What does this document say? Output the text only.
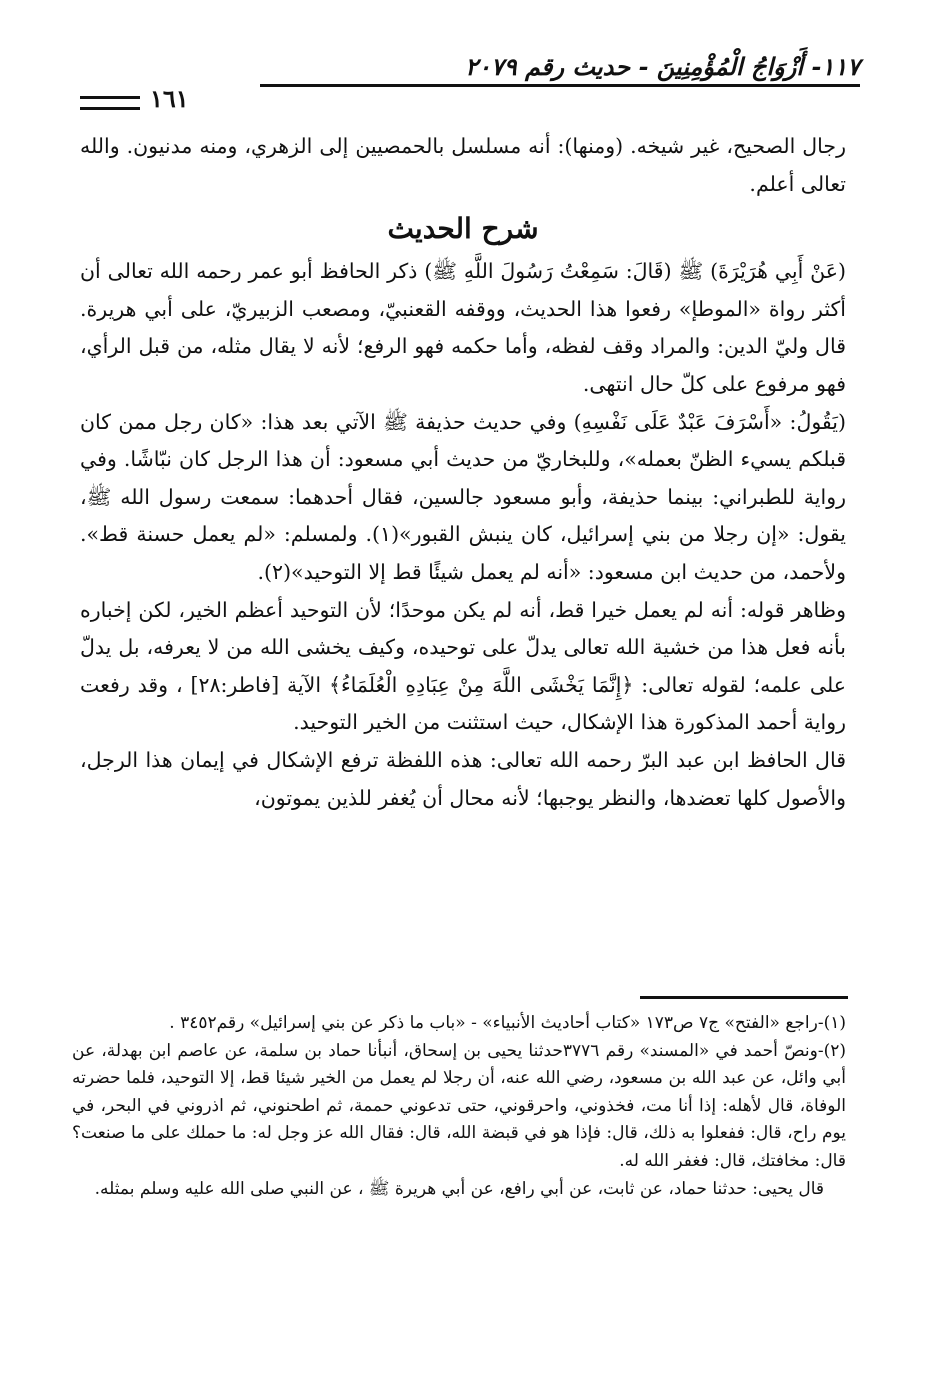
١١٧- أَزْوَاجُ الْمُؤْمِنِينَ - حديث رقم ٢٠٧٩
١٦١

رجال الصحيح، غير شيخه. (ومنها): أنه مسلسل بالحمصيين إلى الزهري، ومنه مدنيون. والله تعالى أعلم.

شرح الحديث

(عَنْ أَبِي هُرَيْرَةَ) ﷺ (قَالَ: سَمِعْتُ رَسُولَ اللَّهِ ﷺ) ذكر الحافظ أبو عمر رحمه الله تعالى أن أكثر رواة «الموطإ» رفعوا هذا الحديث، ووقفه القعنبيّ، ومصعب الزبيريّ، على أبي هريرة. قال وليّ الدين: والمراد وقف لفظه، وأما حكمه فهو الرفع؛ لأنه لا يقال مثله، من قبل الرأي، فهو مرفوع على كلّ حال انتهى.

(يَقُولُ: «أَسْرَفَ عَبْدٌ عَلَى نَفْسِهِ) وفي حديث حذيفة ﷺ الآتي بعد هذا: «كان رجل ممن كان قبلكم يسيء الظنّ بعمله»، وللبخاريّ من حديث أبي مسعود: أن هذا الرجل كان نبّاشًا. وفي رواية للطبراني: بينما حذيفة، وأبو مسعود جالسين، فقال أحدهما: سمعت رسول الله ﷺ، يقول: «إن رجلا من بني إسرائيل، كان ينبش القبور»(١). ولمسلم: «لم يعمل حسنة قط». ولأحمد، من حديث ابن مسعود: «أنه لم يعمل شيئًا قط إلا التوحيد»(٢).

وظاهر قوله: أنه لم يعمل خيرا قط، أنه لم يكن موحدًا؛ لأن التوحيد أعظم الخير، لكن إخباره بأنه فعل هذا من خشية الله تعالى يدلّ على توحيده، وكيف يخشى الله من لا يعرفه، بل يدلّ على علمه؛ لقوله تعالى: ﴿إِنَّمَا يَخْشَى اللَّهَ مِنْ عِبَادِهِ الْعُلَمَاءُ﴾ الآية [فاطر:٢٨] ، وقد رفعت رواية أحمد المذكورة هذا الإشكال، حيث استثنت من الخير التوحيد.

قال الحافظ ابن عبد البرّ رحمه الله تعالى: هذه اللفظة ترفع الإشكال في إيمان هذا الرجل، والأصول كلها تعضدها، والنظر يوجبها؛ لأنه محال أن يُغفر للذين يموتون،

(١)-راجع «الفتح» ج٧ ص١٧٣ «كتاب أحاديث الأنبياء» - «باب ما ذكر عن بني إسرائيل» رقم٣٤٥٢ .

(٢)-ونصّ أحمد في «المسند» رقم ٣٧٧٦حدثنا يحيى بن إسحاق، أنبأنا حماد بن سلمة، عن عاصم ابن بهدلة، عن أبي وائل، عن عبد الله بن مسعود، رضي الله عنه، أن رجلا لم يعمل من الخير شيئا قط، إلا التوحيد، فلما حضرته الوفاة، قال لأهله: إذا أنا مت، فخذوني، واحرقوني، حتى تدعوني حممة، ثم اطحنوني، ثم اذروني في البحر، في يوم راح، قال: ففعلوا به ذلك، قال: فإذا هو في قبضة الله، قال: فقال الله عز وجل له: ما حملك على ما صنعت؟ قال: مخافتك، قال: فغفر الله له.

قال يحيى: حدثنا حماد، عن ثابت، عن أبي رافع، عن أبي هريرة ﷺ ، عن النبي صلى الله عليه وسلم بمثله.
